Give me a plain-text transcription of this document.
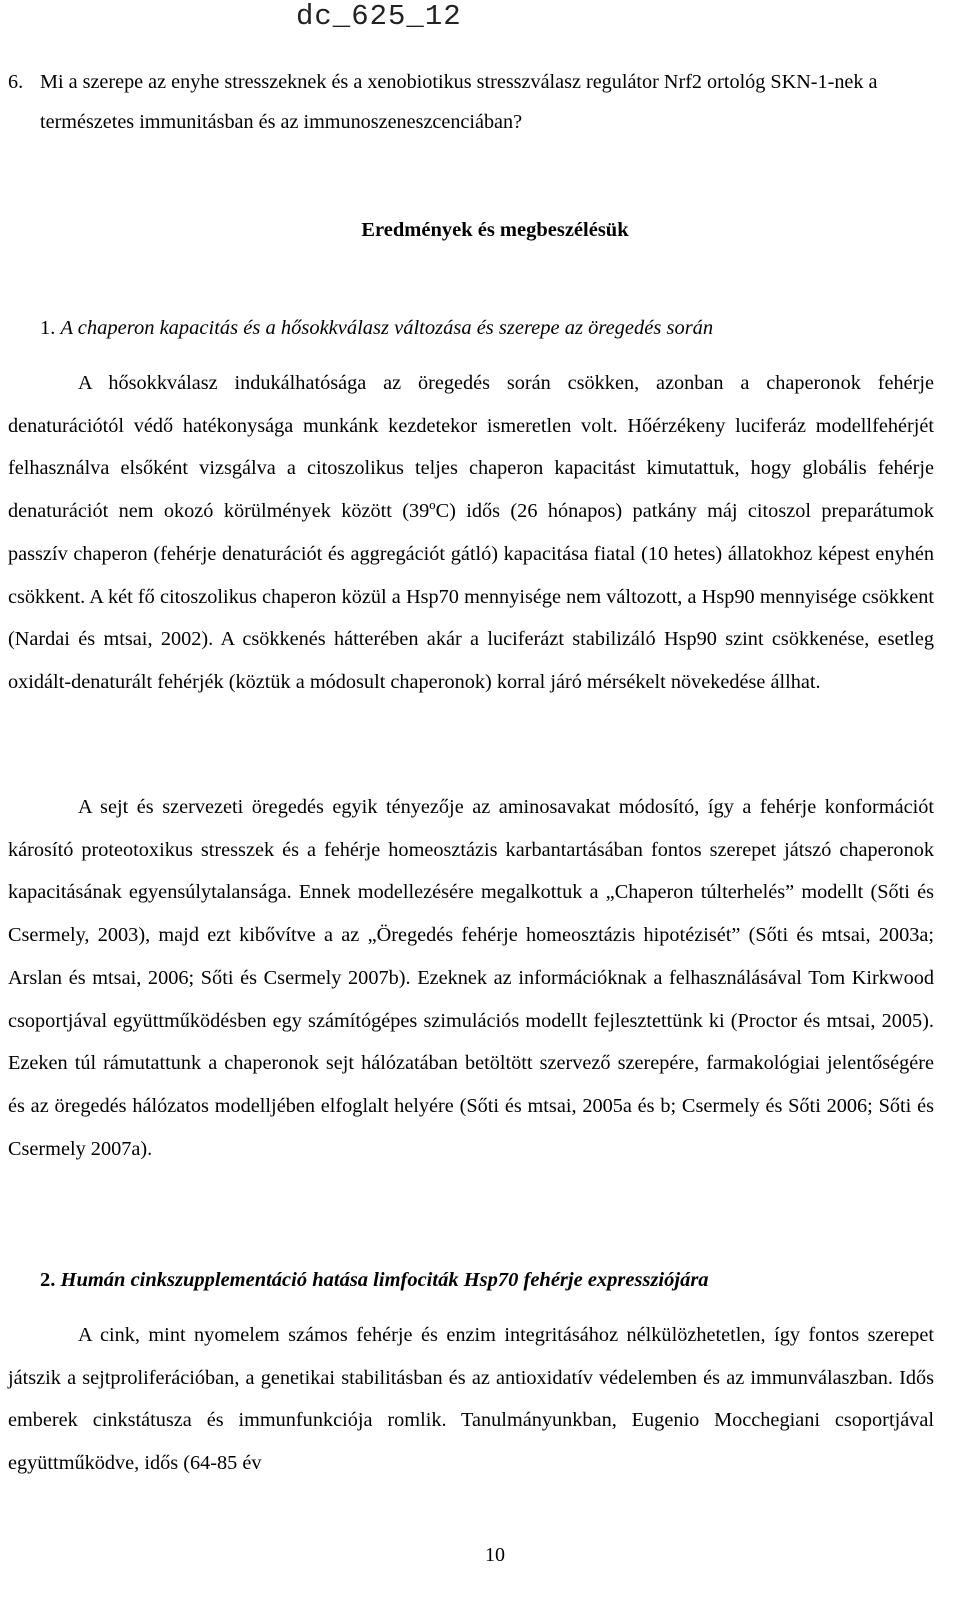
dc_625_12
6. Mi a szerepe az enyhe stresszeknek és a xenobiotikus stresszválasz regulátor Nrf2 ortológ SKN-1-nek a természetes immunitásban és az immunoszeneszcenciában?
Eredmények és megbeszélésük
1. A chaperon kapacitás és a hősokkválasz változása és szerepe az öregedés során

A hősokkválasz indukálhatósága az öregedés során csökken, azonban a chaperonok fehérje denaturációtól védő hatékonysága munkánk kezdetekor ismeretlen volt. Hőérzékeny luciferáz modellfehérjét felhasználva elsőként vizsgálva a citoszolikus teljes chaperon kapacitást kimutattuk, hogy globális fehérje denaturációt nem okozó körülmények között (39ºC) idős (26 hónapos) patkány máj citoszol preparátumok passzív chaperon (fehérje denaturációt és aggregációt gátló) kapacitása fiatal (10 hetes) állatokhoz képest enyhén csökkent. A két fő citoszolikus chaperon közül a Hsp70 mennyisége nem változott, a Hsp90 mennyisége csökkent (Nardai és mtsai, 2002). A csökkenés hátterében akár a luciferázt stabilizáló Hsp90 szint csökkenése, esetleg oxidált-denaturált fehérjék (köztük a módosult chaperonok) korral járó mérsékelt növekedése állhat.

A sejt és szervezeti öregedés egyik tényezője az aminosavakat módosító, így a fehérje konformációt károsító proteotoxikus stresszek és a fehérje homeosztázis karbantartásában fontos szerepet játszó chaperonok kapacitásának egyensúlytalansága. Ennek modellezésére megalkottuk a „Chaperon túlterhelés” modellt (Sőti és Csermely, 2003), majd ezt kibővítve a az „Öregedés fehérje homeosztázis hipotézisét” (Sőti és mtsai, 2003a; Arslan és mtsai, 2006; Sőti és Csermely 2007b). Ezeknek az információknak a felhasználásával Tom Kirkwood csoportjával együttműködésben egy számítógépes szimulációs modellt fejlesztettünk ki (Proctor és mtsai, 2005). Ezeken túl rámutattunk a chaperonok sejt hálózatában betöltött szervező szerepére, farmakológiai jelentőségére és az öregedés hálózatos modelljében elfoglalt helyére (Sőti és mtsai, 2005a és b; Csermely és Sőti 2006; Sőti és Csermely 2007a).

2. Humán cinkszupplementáció hatása limfociták Hsp70 fehérje expressziójára

A cink, mint nyomelem számos fehérje és enzim integritásához nélkülözhetetlen, így fontos szerepet játszik a sejtproliferációban, a genetikai stabilitásban és az antioxidatív védelemben és az immunválaszban. Idős emberek cinkstátusza és immunfunkciója romlik. Tanulmányunkban, Eugenio Mocchegiani csoportjával együttműködve, idős (64-85 év

10
